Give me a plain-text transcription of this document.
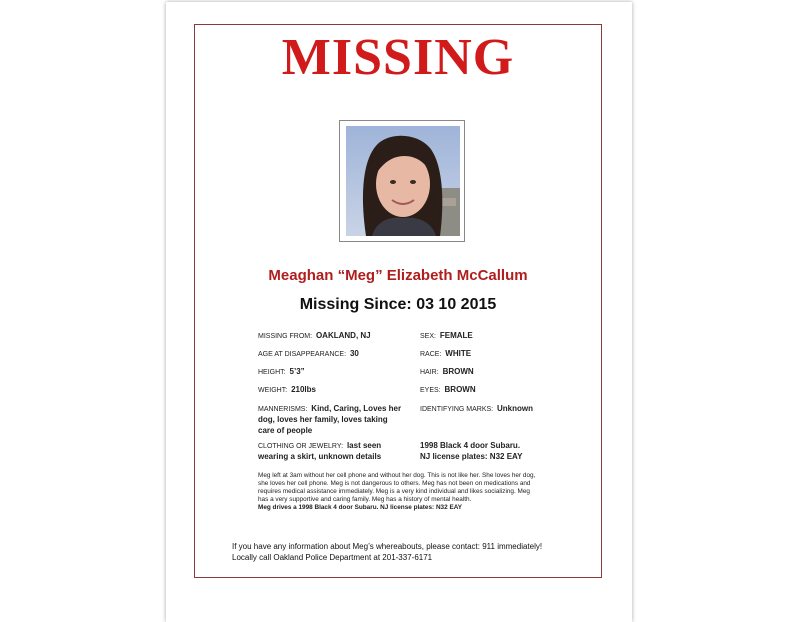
MISSING
Meaghan “Meg” Elizabeth McCallum
Missing Since: 03 10 2015
MISSING FROM: OAKLAND, NJ
AGE AT DISAPPEARANCE: 30
HEIGHT: 5’3”
WEIGHT: 210lbs
MANNERISMS: Kind, Caring, Loves her
dog, loves her family, loves taking
care of people
CLOTHING OR JEWELRY: last seen
wearing a skirt, unknown details
SEX: FEMALE
RACE: WHITE
HAIR: BROWN
EYES: BROWN
IDENTIFYING MARKS: Unknown
1998 Black 4 door Subaru.
NJ license plates: N32 EAY
Meg left at 3am without her cell phone and without her dog. This is not like her. She loves her dog,
she loves her cell phone. Meg is not dangerous to others. Meg has not been on medications and
requires medical assistance immediately. Meg is a very kind individual and likes socializing. Meg
has a very supportive and caring family. Meg has a history of mental health.
Meg drives a 1998 Black 4 door Subaru. NJ license plates: N32 EAY
If you have any information about Meg’s whereabouts, please contact: 911 immediately!
Locally call Oakland Police Department at 201-337-6171
